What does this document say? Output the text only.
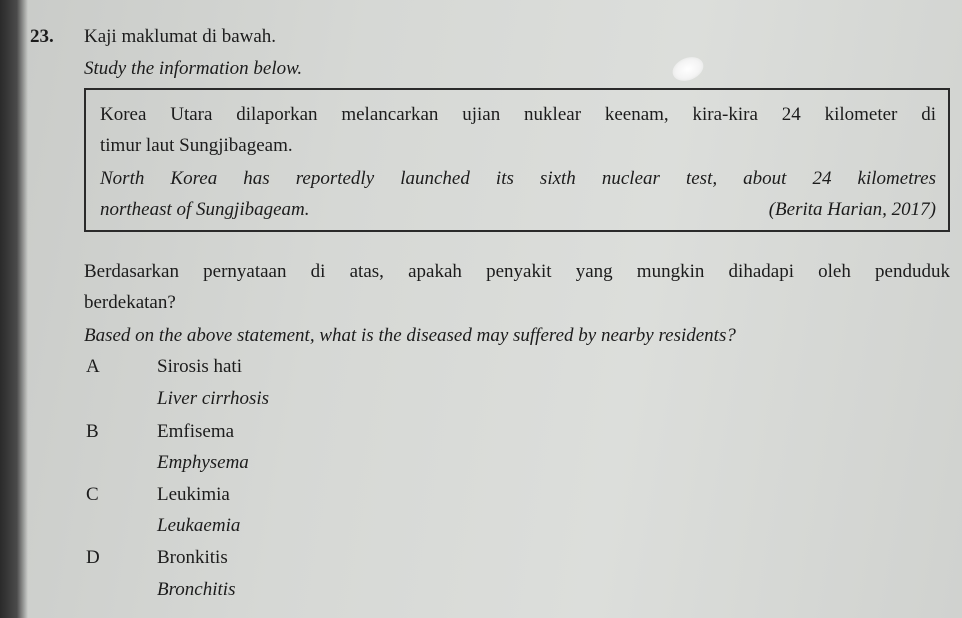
23. Kaji maklumat di bawah.
Study the information below.
Korea Utara dilaporkan melancarkan ujian nuklear keenam, kira-kira 24 kilometer di
timur laut Sungjibageam.
North Korea has reportedly launched its sixth nuclear test, about 24 kilometres
northeast of Sungjibageam.	(Berita Harian, 2017)
Berdasarkan pernyataan di atas, apakah penyakit yang mungkin dihadapi oleh penduduk
berdekatan?
Based on the above statement, what is the diseased may suffered by nearby residents?
A	Sirosis hati
Liver cirrhosis
B	Emfisema
Emphysema
C	Leukimia
Leukaemia
D	Bronkitis
Bronchitis
